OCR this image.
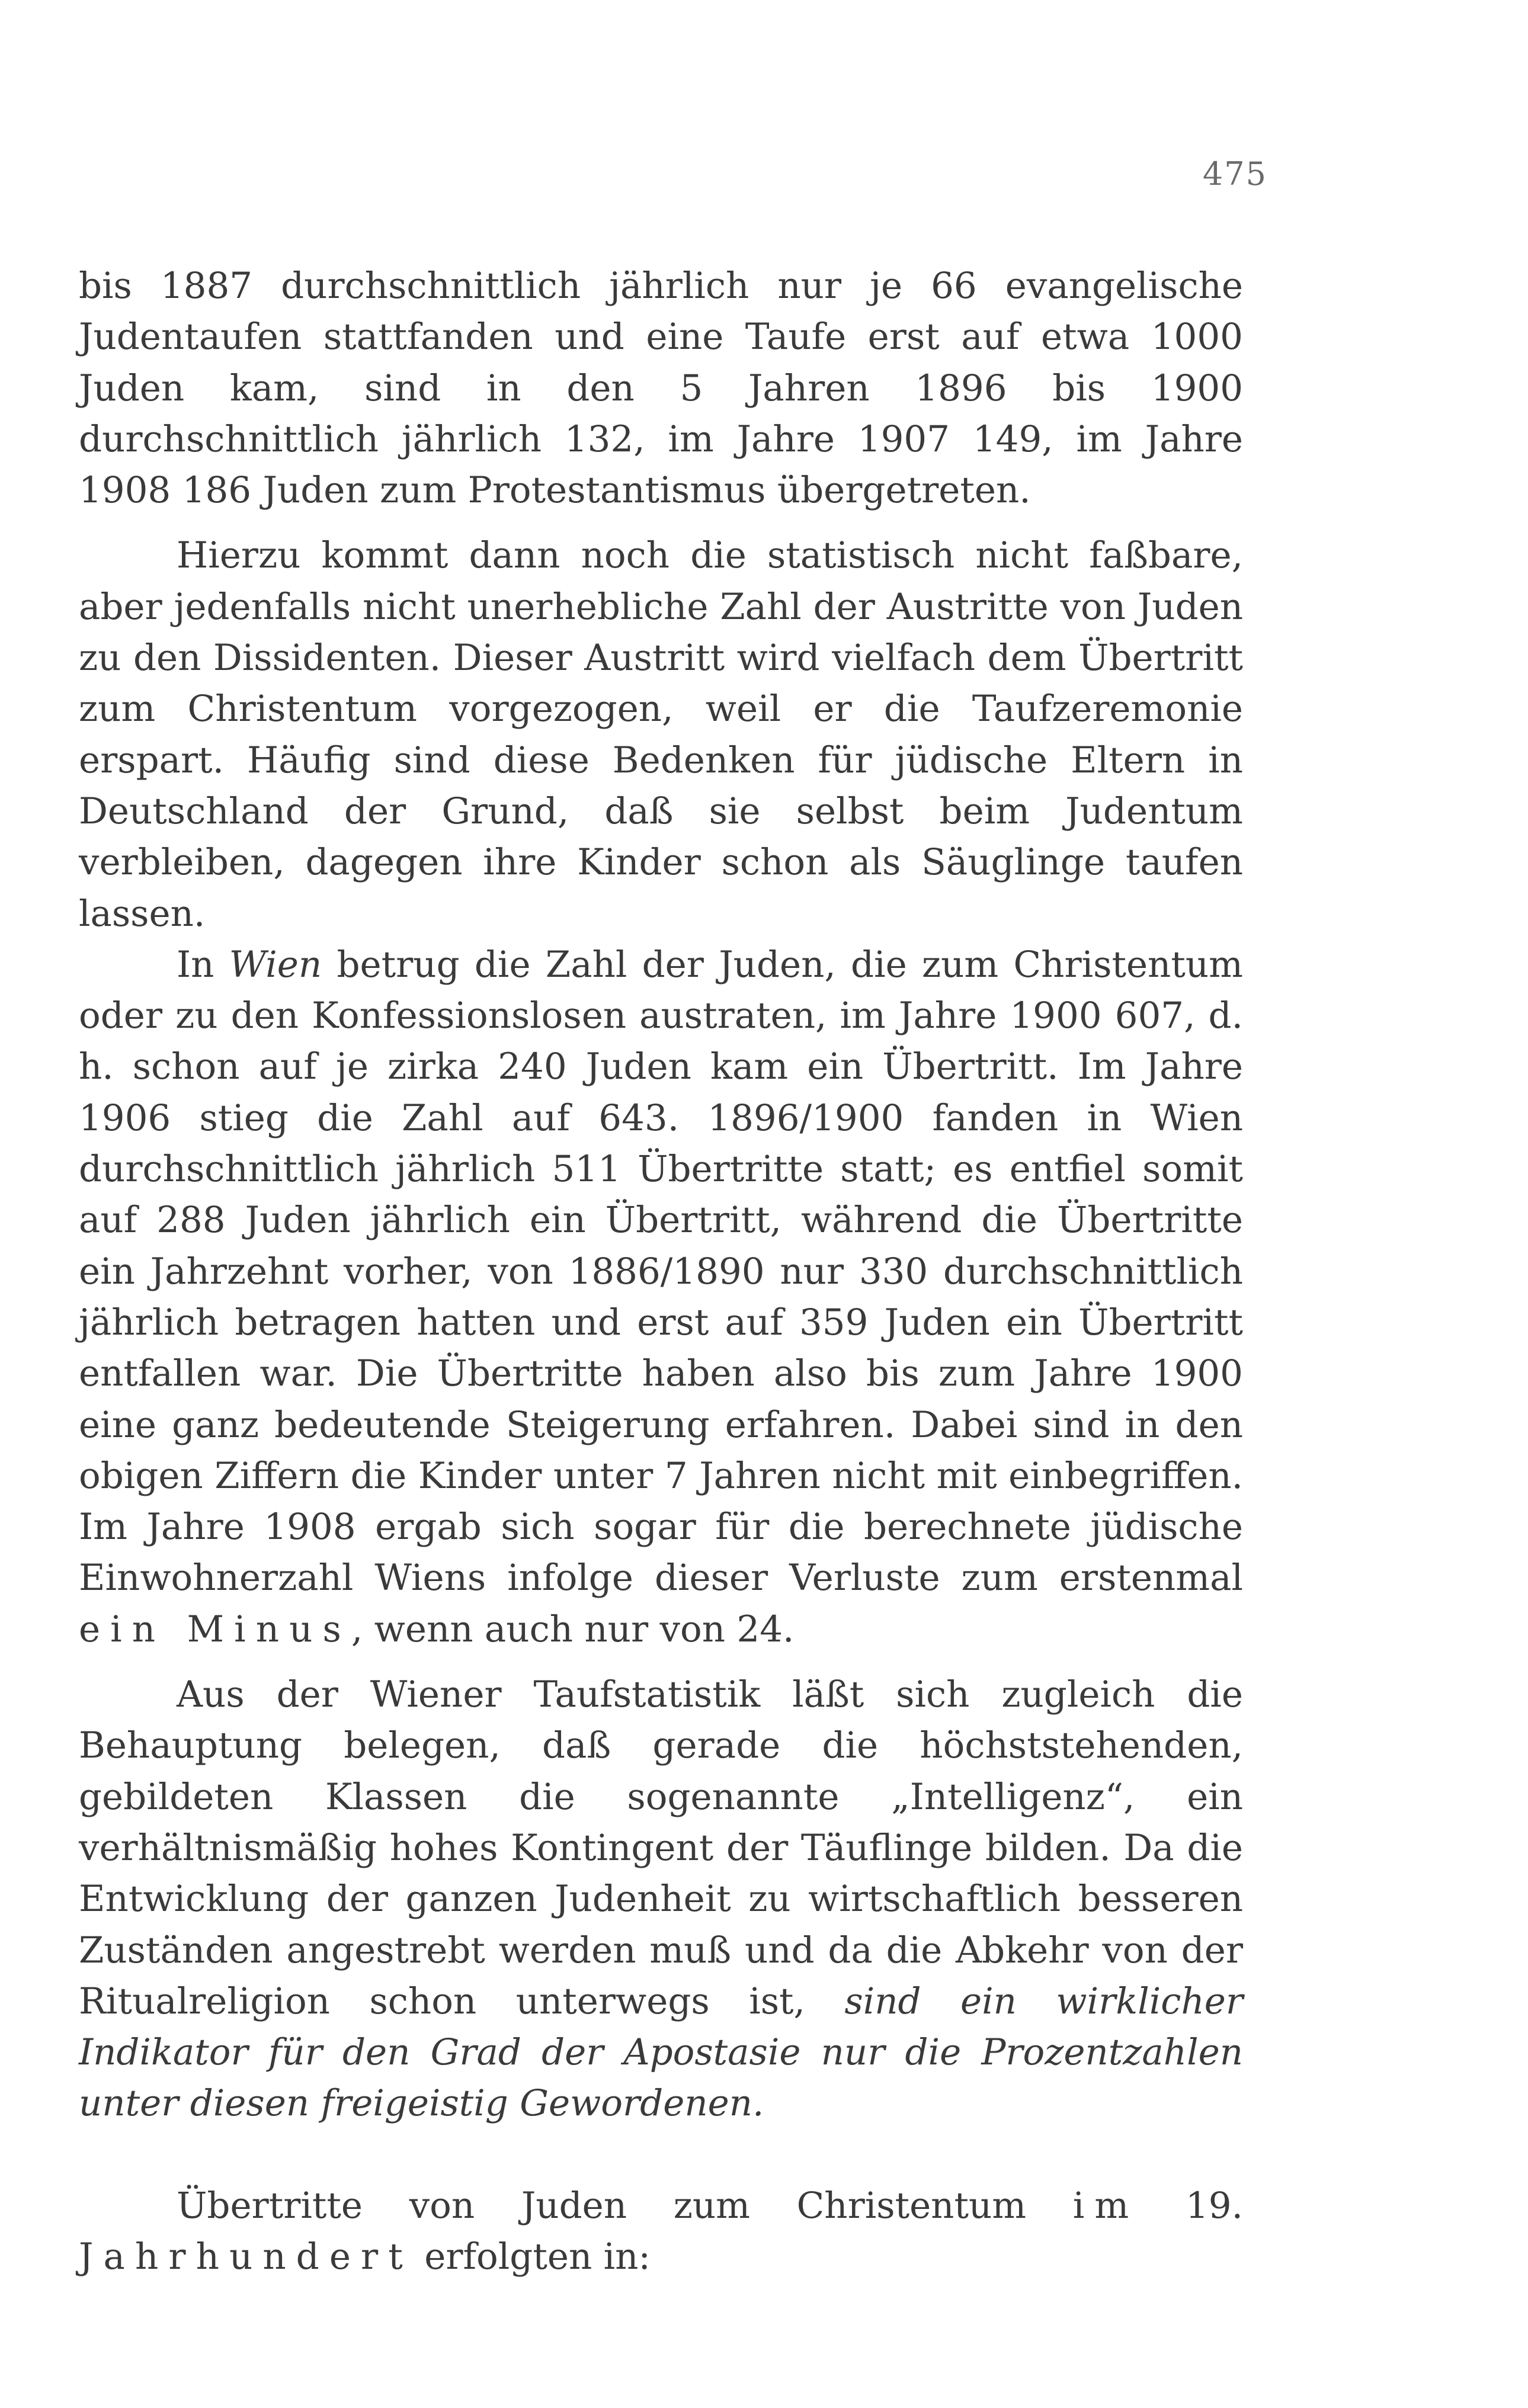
475

bis 1887 durchschnittlich jährlich nur je 66 evangelische Judentaufen stattfanden und eine Taufe erst auf etwa 1000 Juden kam, sind in den 5 Jahren 1896 bis 1900 durchschnittlich jährlich 132, im Jahre 1907 149, im Jahre 1908 186 Juden zum Protestantismus übergetreten.

Hierzu kommt dann noch die statistisch nicht faßbare, aber jedenfalls nicht unerhebliche Zahl der Austritte von Juden zu den Dissidenten. Dieser Austritt wird vielfach dem Übertritt zum Christentum vorgezogen, weil er die Taufzeremonie erspart. Häufig sind diese Bedenken für jüdische Eltern in Deutschland der Grund, daß sie selbst beim Judentum verbleiben, dagegen ihre Kinder schon als Säuglinge taufen lassen.

In Wien betrug die Zahl der Juden, die zum Christentum oder zu den Konfessionslosen austraten, im Jahre 1900 607, d. h. schon auf je zirka 240 Juden kam ein Übertritt. Im Jahre 1906 stieg die Zahl auf 643. 1896/1900 fanden in Wien durchschnittlich jährlich 511 Übertritte statt; es entfiel somit auf 288 Juden jährlich ein Übertritt, während die Übertritte ein Jahrzehnt vorher, von 1886/1890 nur 330 durchschnittlich jährlich betragen hatten und erst auf 359 Juden ein Übertritt entfallen war. Die Übertritte haben also bis zum Jahre 1900 eine ganz bedeutende Steigerung erfahren. Dabei sind in den obigen Ziffern die Kinder unter 7 Jahren nicht mit einbegriffen. Im Jahre 1908 ergab sich sogar für die berechnete jüdische Einwohnerzahl Wiens infolge dieser Verluste zum erstenmal ein Minus, wenn auch nur von 24.

Aus der Wiener Taufstatistik läßt sich zugleich die Behauptung belegen, daß gerade die höchststehenden, gebildeten Klassen die sogenannte „Intelligenz“, ein verhältnismäßig hohes Kontingent der Täuflinge bilden. Da die Entwicklung der ganzen Judenheit zu wirtschaftlich besseren Zuständen angestrebt werden muß und da die Abkehr von der Ritualreligion schon unterwegs ist, sind ein wirklicher Indikator für den Grad der Apostasie nur die Prozentzahlen unter diesen freigeistig Gewordenen.

Übertritte von Juden zum Christentum im 19. Jahrhundert erfolgten in:
